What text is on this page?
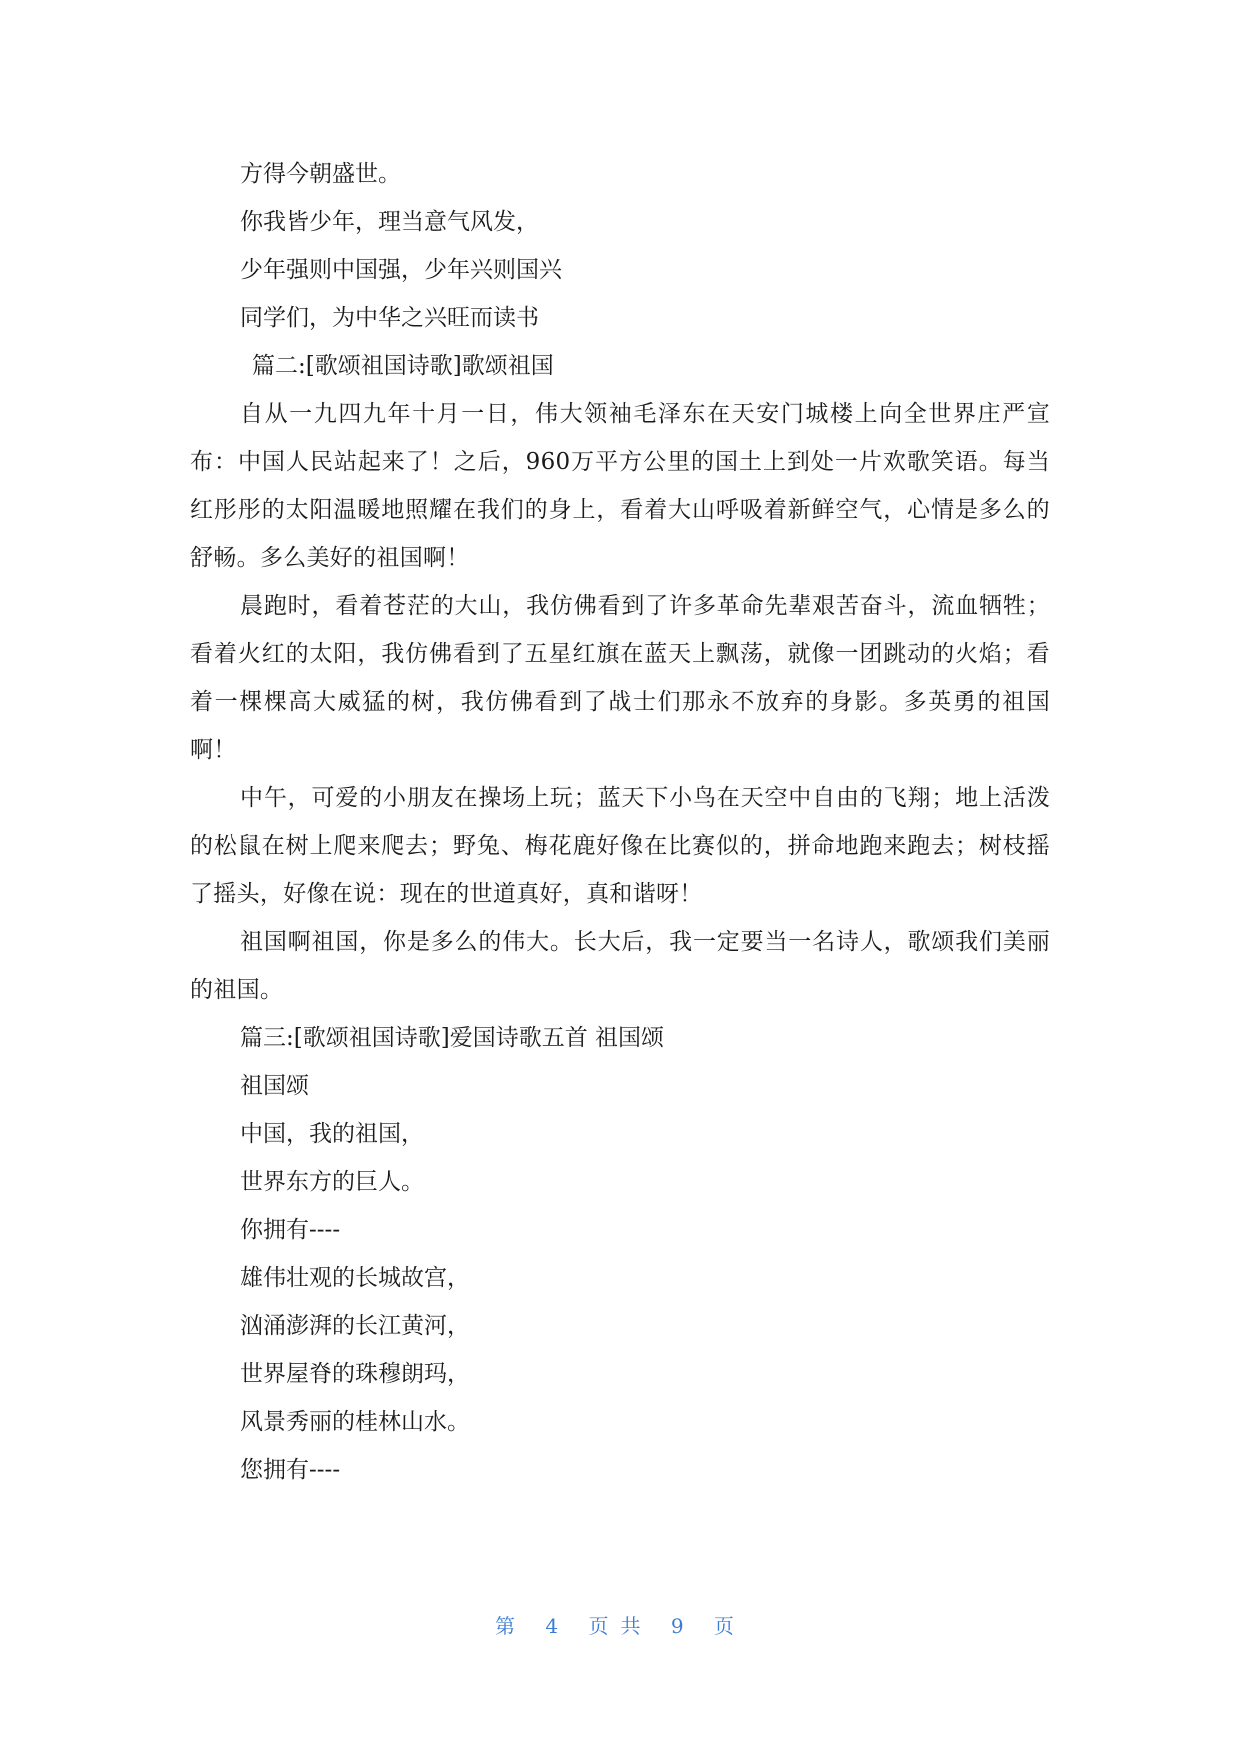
方得今朝盛世。
你我皆少年，理当意气风发，
少年强则中国强，少年兴则国兴
同学们，为中华之兴旺而读书
篇二:[歌颂祖国诗歌]歌颂祖国
自从一九四九年十月一日，伟大领袖毛泽东在天安门城楼上向全世界庄严宣布：中国人民站起来了！之后，960万平方公里的国土上到处一片欢歌笑语。每当红彤彤的太阳温暖地照耀在我们的身上，看着大山呼吸着新鲜空气，心情是多么的舒畅。多么美好的祖国啊！
晨跑时，看着苍茫的大山，我仿佛看到了许多革命先辈艰苦奋斗，流血牺牲；看着火红的太阳，我仿佛看到了五星红旗在蓝天上飘荡，就像一团跳动的火焰；看着一棵棵高大威猛的树，我仿佛看到了战士们那永不放弃的身影。多英勇的祖国啊！
中午，可爱的小朋友在操场上玩；蓝天下小鸟在天空中自由的飞翔；地上活泼的松鼠在树上爬来爬去；野兔、梅花鹿好像在比赛似的，拼命地跑来跑去；树枝摇了摇头，好像在说：现在的世道真好，真和谐呀！
祖国啊祖国，你是多么的伟大。长大后，我一定要当一名诗人，歌颂我们美丽的祖国。
篇三:[歌颂祖国诗歌]爱国诗歌五首 祖国颂
祖国颂
中国，我的祖国，
世界东方的巨人。
你拥有----
雄伟壮观的长城故宫，
汹涌澎湃的长江黄河，
世界屋脊的珠穆朗玛，
风景秀丽的桂林山水。
您拥有----
第 4 页共 9 页
